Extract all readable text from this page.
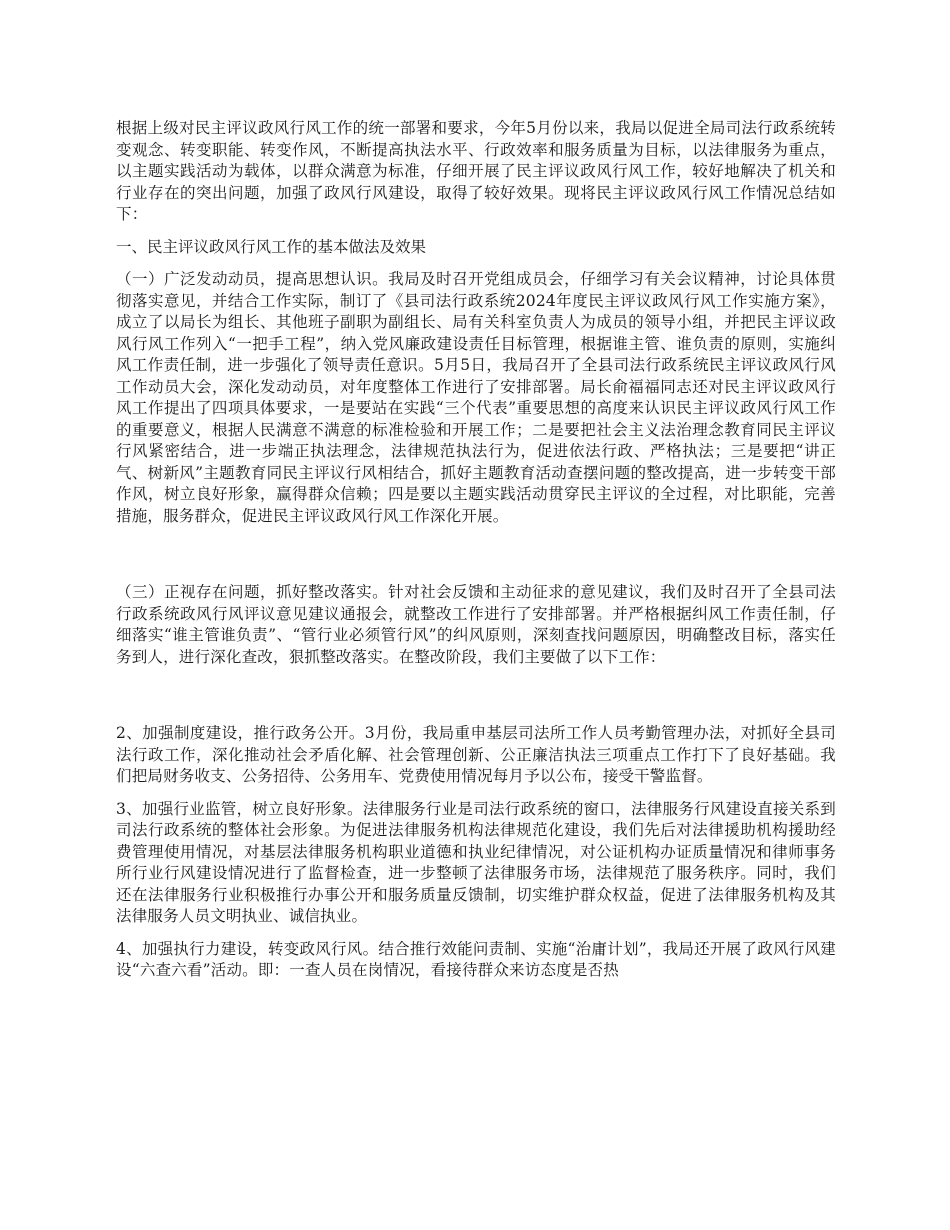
根据上级对民主评议政风行风工作的统一部署和要求，今年5月份以来，我局以促进全局司法行政系统转变观念、转变职能、转变作风，不断提高执法水平、行政效率和服务质量为目标，以法律服务为重点，以主题实践活动为载体，以群众满意为标准，仔细开展了民主评议政风行风工作，较好地解决了机关和行业存在的突出问题，加强了政风行风建设，取得了较好效果。现将民主评议政风行风工作情况总结如下：

一、民主评议政风行风工作的基本做法及效果

（一）广泛发动动员，提高思想认识。我局及时召开党组成员会，仔细学习有关会议精神，讨论具体贯彻落实意见，并结合工作实际，制订了《县司法行政系统2024年度民主评议政风行风工作实施方案》，成立了以局长为组长、其他班子副职为副组长、局有关科室负责人为成员的领导小组，并把民主评议政风行风工作列入“一把手工程”，纳入党风廉政建设责任目标管理，根据谁主管、谁负责的原则，实施纠风工作责任制，进一步强化了领导责任意识。5月5日，我局召开了全县司法行政系统民主评议政风行风工作动员大会，深化发动动员，对年度整体工作进行了安排部署。局长俞福福同志还对民主评议政风行风工作提出了四项具体要求，一是要站在实践“三个代表”重要思想的高度来认识民主评议政风行风工作的重要意义，根据人民满意不满意的标准检验和开展工作；二是要把社会主义法治理念教育同民主评议行风紧密结合，进一步端正执法理念，法律规范执法行为，促进依法行政、严格执法；三是要把“讲正气、树新风”主题教育同民主评议行风相结合，抓好主题教育活动查摆问题的整改提高，进一步转变干部作风，树立良好形象，赢得群众信赖；四是要以主题实践活动贯穿民主评议的全过程，对比职能，完善措施，服务群众，促进民主评议政风行风工作深化开展。

（三）正视存在问题，抓好整改落实。针对社会反馈和主动征求的意见建议，我们及时召开了全县司法行政系统政风行风评议意见建议通报会，就整改工作进行了安排部署。并严格根据纠风工作责任制，仔细落实“谁主管谁负责”、“管行业必须管行风”的纠风原则，深刻查找问题原因，明确整改目标，落实任务到人，进行深化查改，狠抓整改落实。在整改阶段，我们主要做了以下工作：

2、加强制度建设，推行政务公开。3月份，我局重申基层司法所工作人员考勤管理办法，对抓好全县司法行政工作，深化推动社会矛盾化解、社会管理创新、公正廉洁执法三项重点工作打下了良好基础。我们把局财务收支、公务招待、公务用车、党费使用情况每月予以公布，接受干警监督。

3、加强行业监管，树立良好形象。法律服务行业是司法行政系统的窗口，法律服务行风建设直接关系到司法行政系统的整体社会形象。为促进法律服务机构法律规范化建设，我们先后对法律援助机构援助经费管理使用情况，对基层法律服务机构职业道德和执业纪律情况，对公证机构办证质量情况和律师事务所行业行风建设情况进行了监督检查，进一步整顿了法律服务市场，法律规范了服务秩序。同时，我们还在法律服务行业积极推行办事公开和服务质量反馈制，切实维护群众权益，促进了法律服务机构及其法律服务人员文明执业、诚信执业。

4、加强执行力建设，转变政风行风。结合推行效能问责制、实施“治庸计划”，我局还开展了政风行风建设“六查六看”活动。即：一查人员在岗情况，看接待群众来访态度是否热
